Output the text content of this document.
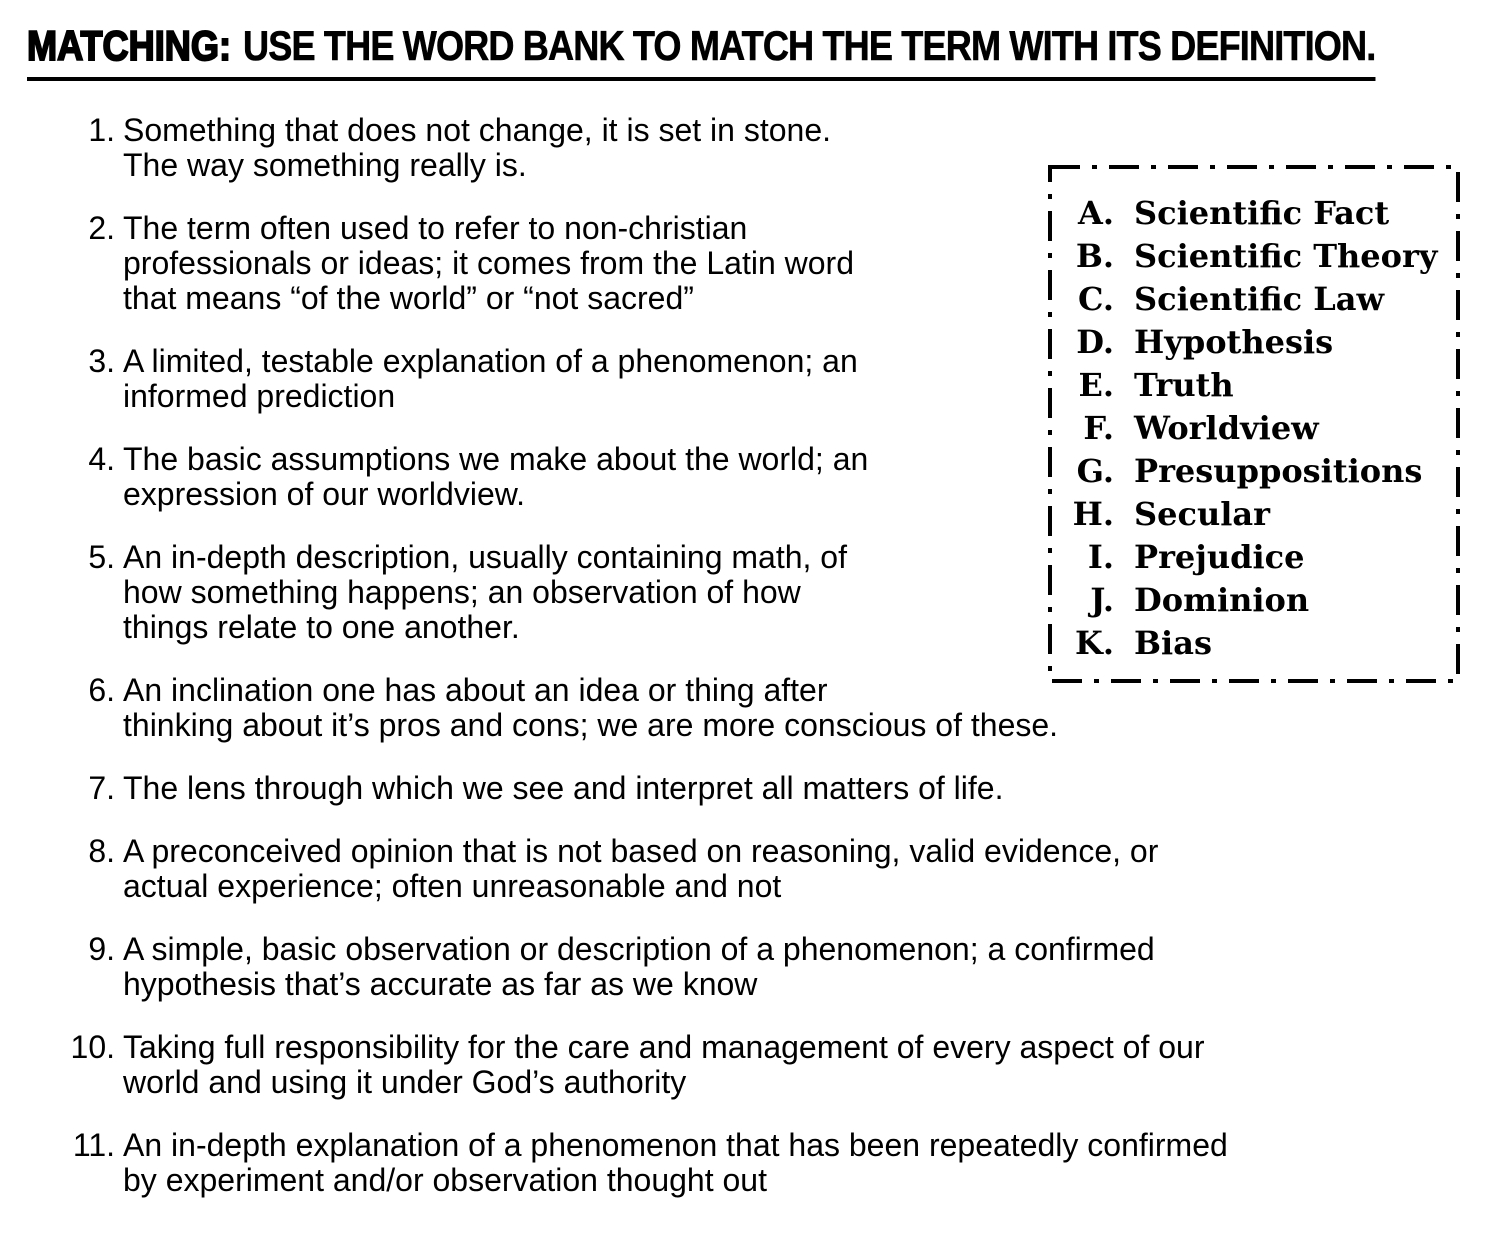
MATCHING: USE THE WORD BANK TO MATCH THE TERM WITH ITS DEFINITION.
A. Scientific Fact
B. Scientific Theory
C. Scientific Law
D. Hypothesis
E. Truth
F. Worldview
G. Presuppositions
H. Secular
I. Prejudice
J. Dominion
K. Bias
1. Something that does not change, it is set in stone.
The way something really is.
2. The term often used to refer to non-christian
professionals or ideas; it comes from the Latin word
that means “of the world” or “not sacred”
3. A limited, testable explanation of a phenomenon; an
informed prediction
4. The basic assumptions we make about the world; an
expression of our worldview.
5. An in-depth description, usually containing math, of
how something happens; an observation of how
things relate to one another.
6. An inclination one has about an idea or thing after
thinking about it’s pros and cons; we are more conscious of these.
7. The lens through which we see and interpret all matters of life.
8. A preconceived opinion that is not based on reasoning, valid evidence, or
actual experience; often unreasonable and not
9. A simple, basic observation or description of a phenomenon; a confirmed
hypothesis that’s accurate as far as we know
10. Taking full responsibility for the care and management of every aspect of our
world and using it under God’s authority
11. An in-depth explanation of a phenomenon that has been repeatedly confirmed
by experiment and/or observation thought out
